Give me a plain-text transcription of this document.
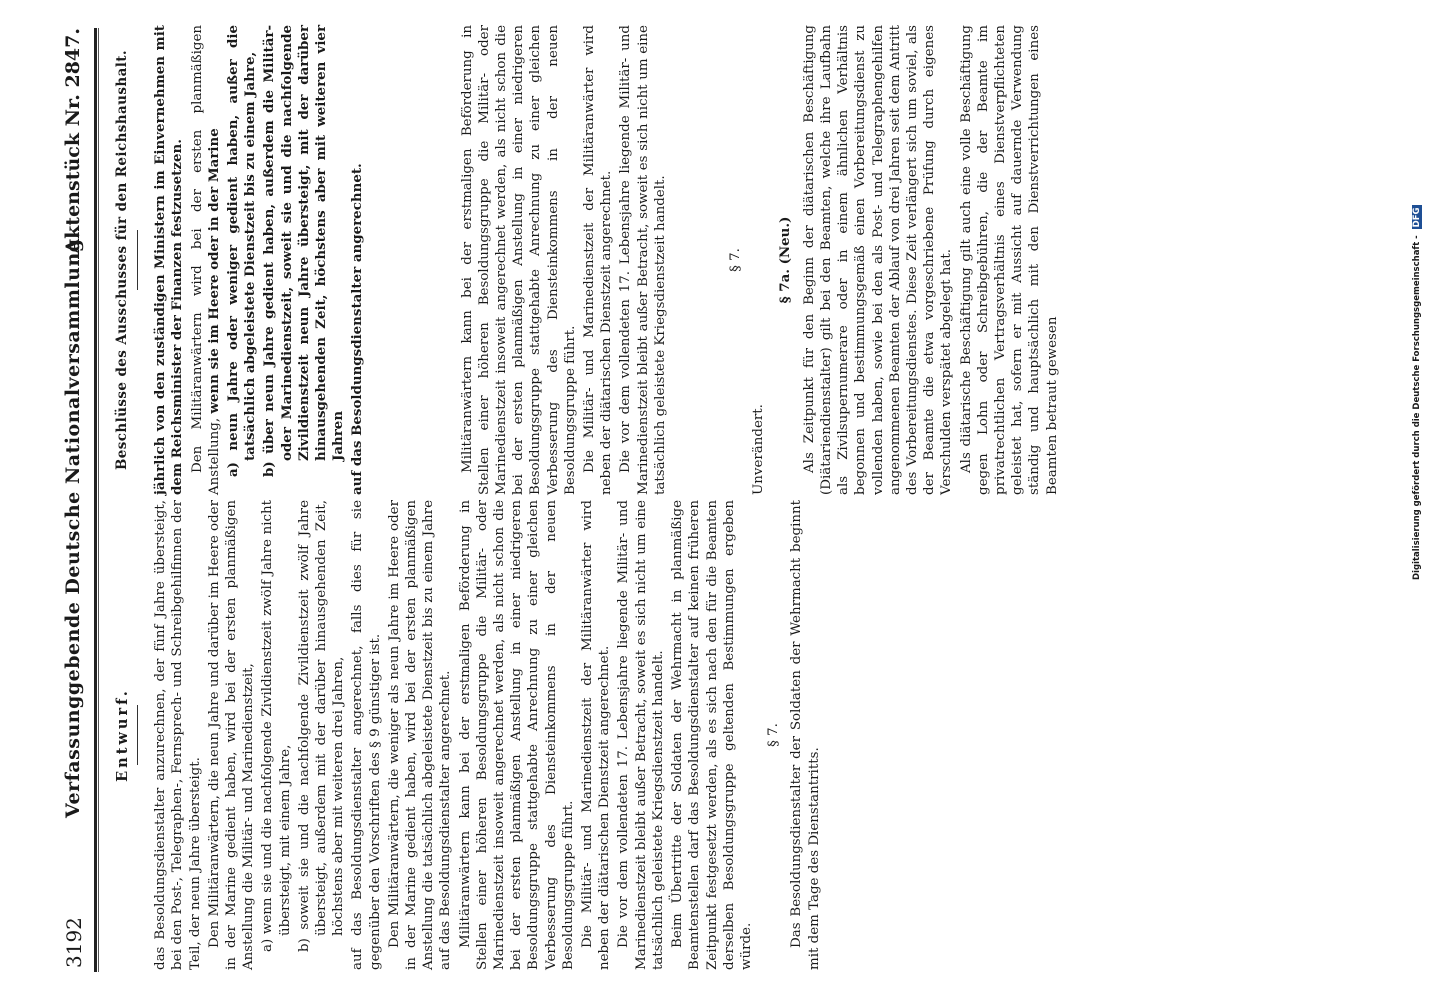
3192
Verfassunggebende Deutsche Nationalversammlung.
Aktenstück Nr. 2847.
Entwurf. das Besoldungsdienstalter anzurechnen, der fünf Jahre übersteigt, bei den Post-, Telegraphen-, Fernsprech- und Schreibgehilfinnen der Teil, der neun Jahre übersteigt. Den Militäranwärtern, die neun Jahre und darüber im Heere oder in der Marine gedient haben, wird bei der ersten planmäßigen Anstellung die Militär- und Marinedienstzeit, a) wenn sie und die nachfolgende Zivildienstzeit zwölf Jahre nicht übersteigt, mit einem Jahre, b) soweit sie und die nachfolgende Zivildienstzeit zwölf Jahre übersteigt, außerdem mit der darüber hinausgehenden Zeit, höchstens aber mit weiteren drei Jahren, auf das Besoldungsdienstalter angerechnet, falls dies für sie gegenüber den Vorschriften des § 9 günstiger ist. Den Militäranwärtern, die weniger als neun Jahre im Heere oder in der Marine gedient haben, wird bei der ersten planmäßigen Anstellung die tatsächlich abgeleistete Dienstzeit bis zu einem Jahre auf das Besoldungsdienstalter angerechnet. Militäranwärtern kann bei der erstmaligen Beförderung in Stellen einer höheren Besoldungsgruppe die Militär- oder Marinedienstzeit insoweit angerechnet werden, als nicht schon die bei der ersten planmäßigen Anstellung in einer niedrigeren Besoldungsgruppe stattgehabte Anrechnung zu einer gleichen Verbesserung des Diensteinkommens in der neuen Besoldungsgruppe führt. Die Militär- und Marinedienstzeit der Militäranwärter wird neben der diätarischen Dienstzeit angerechnet. Die vor dem vollendeten 17. Lebensjahre liegende Militär- und Marinedienstzeit bleibt außer Betracht, soweit es sich nicht um eine tatsächlich geleistete Kriegsdienstzeit handelt. Beim Übertritte der Soldaten der Wehrmacht in planmäßige Beamtenstellen darf das Besoldungsdienstalter auf keinen früheren Zeitpunkt festgesetzt werden, als es sich nach den für die Beamten derselben Besoldungsgruppe geltenden Bestimmungen ergeben würde.

§ 7. Das Besoldungsdienstalter der Soldaten der Wehrmacht beginnt mit dem Tage des Dienstantritts.

Beschlüsse des Ausschusses für den Reichshaushalt. jährlich von den zuständigen Ministern im Einvernehmen mit dem Reichsminister der Finanzen festzusetzen. Den Militäranwärtern wird bei der ersten planmäßigen Anstellung, wenn sie im Heere oder in der Marine a) neun Jahre oder weniger gedient haben, außer die tatsächlich abgeleistete Dienstzeit bis zu einem Jahre, b) über neun Jahre gedient haben, außerdem die Militär- oder Marinedienstzeit, soweit sie und die nachfolgende Zivildienstzeit neun Jahre übersteigt, mit der darüber hinausgehenden Zeit, höchstens aber mit weiteren vier Jahren auf das Besoldungsdienstalter angerechnet.	Militäranwärtern kann bei der erstmaligen Beförderung in Stellen einer höheren Besoldungsgruppe die Militär- oder Marinedienstzeit insoweit angerechnet werden, als nicht schon die bei der ersten planmäßigen Anstellung in einer niedrigeren Besoldungsgruppe stattgehabte Anrechnung zu einer gleichen Verbesserung des Diensteinkommens in der neuen Besoldungsgruppe führt. Die Militär- und Marinedienstzeit der Militäranwärter wird neben der diätarischen Dienstzeit angerechnet. Die vor dem vollendeten 17. Lebensjahre liegende Militär- und Marinedienstzeit bleibt außer Betracht, soweit es sich nicht um eine tatsächlich geleistete Kriegsdienstzeit handelt.	§ 7.

Unverändert.

§ 7a. (Neu.) Als Zeitpunkt für den Beginn der diätarischen Beschäftigung (Diätariendienstalter) gilt bei den Beamten, welche ihre Laufbahn als Zivilsupernumerare oder in einem ähnlichen Verhältnis begonnen und bestimmungsgemäß einen Vorbereitungsdienst zu vollenden haben, sowie bei den als Post- und Telegraphengehilfen angenommenen Beamten der Ablauf von drei Jahren seit dem Antritt des Vorbereitungsdienstes. Diese Zeit verlängert sich um soviel, als der Beamte die etwa vorgeschriebene Prüfung durch eigenes Verschulden verspätet abgelegt hat. Als diätarische Beschäftigung gilt auch eine volle Beschäftigung gegen Lohn oder Schreibgebühren, die der Beamte im privatrechtlichen Vertragsverhältnis eines Dienstverpflichteten geleistet hat, sofern er mit Aussicht auf dauernde Verwendung ständig und hauptsächlich mit den Dienstverrichtungen eines Beamten betraut gewesen	Digitalisierung gefördert durch die Deutsche Forschungsgemeinschaft - DFG
